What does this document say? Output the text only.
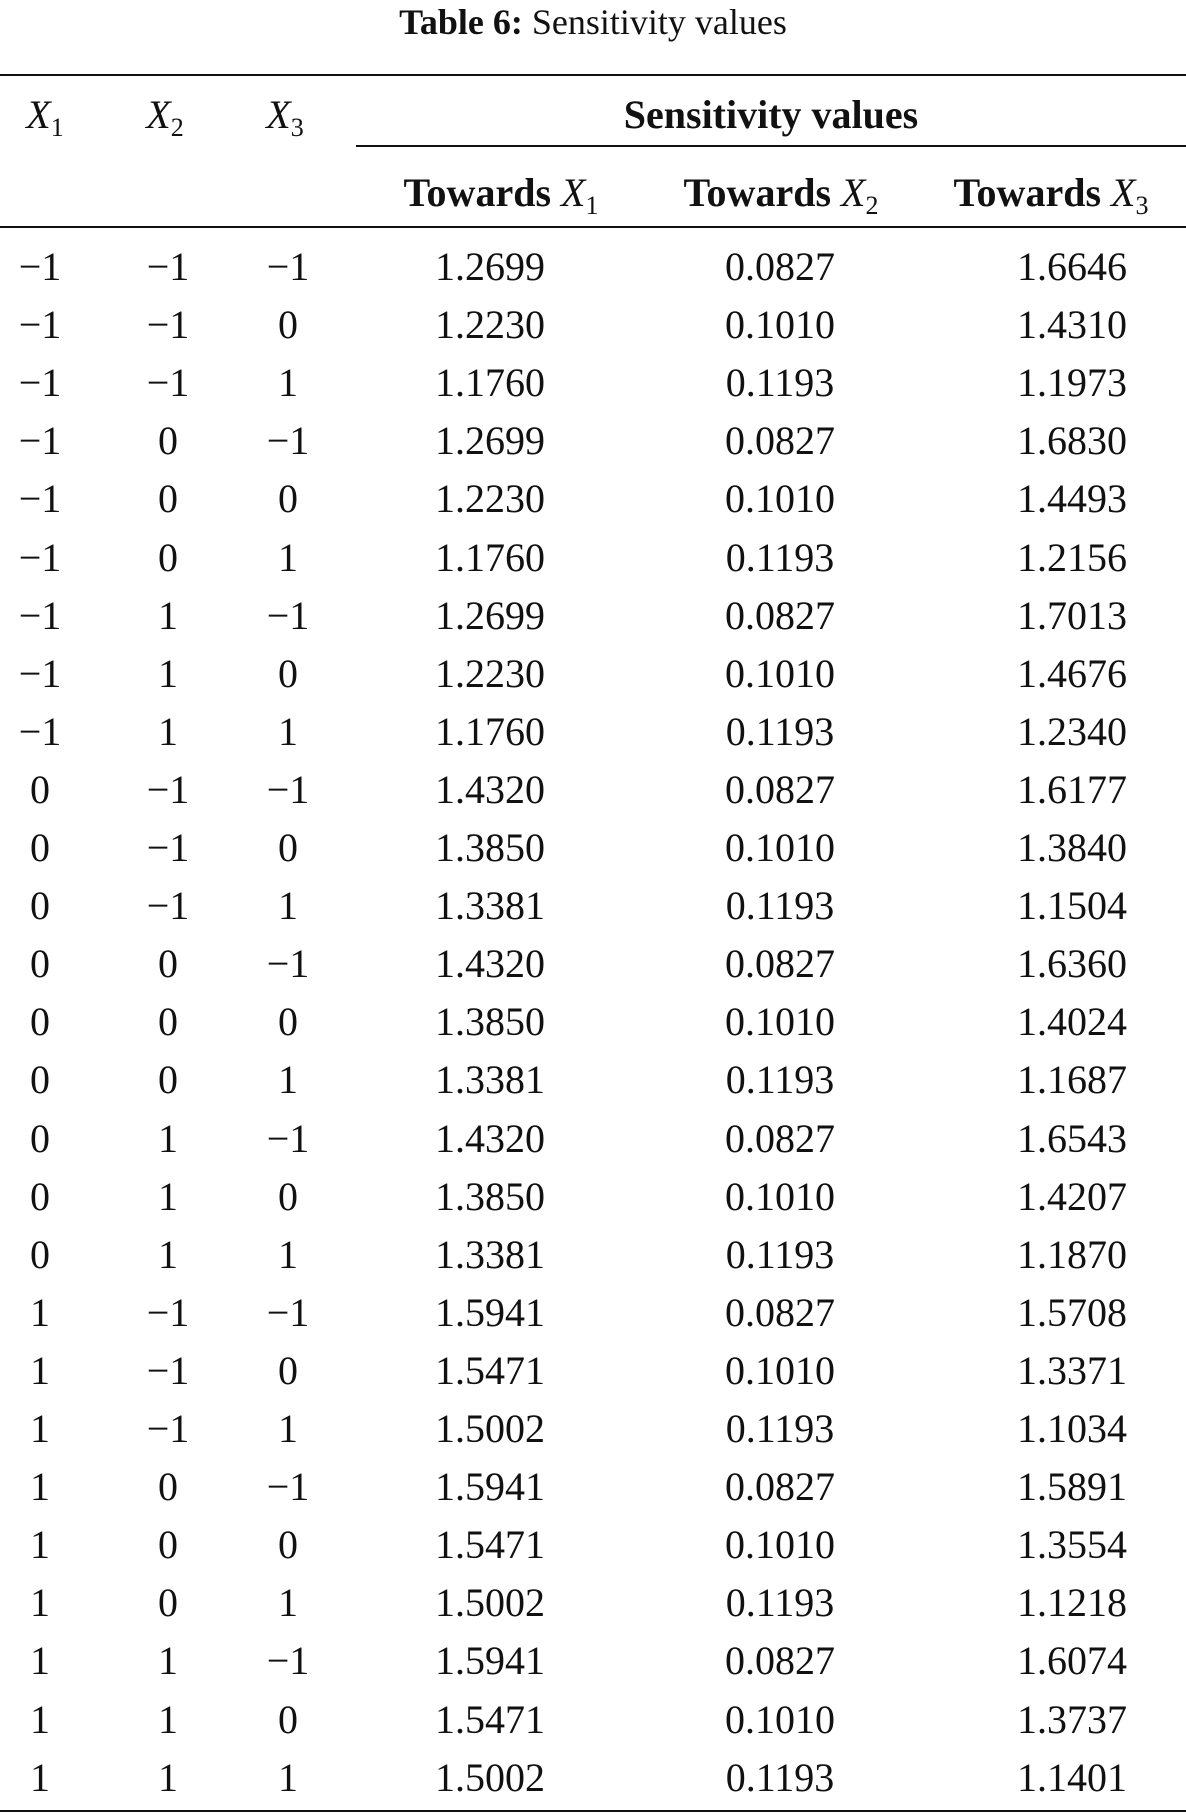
Table 6: Sensitivity values
$X_1$	$X_2$	$X_3$	Sensitivity values
Towards $X_1$	Towards $X_2$	Towards $X_3$
−1	−1	−1	1.2699	0.0827	1.6646
−1	−1	0	1.2230	0.1010	1.4310
−1	−1	1	1.1760	0.1193	1.1973
−1	0	−1	1.2699	0.0827	1.6830
−1	0	0	1.2230	0.1010	1.4493
−1	0	1	1.1760	0.1193	1.2156
−1	1	−1	1.2699	0.0827	1.7013
−1	1	0	1.2230	0.1010	1.4676
−1	1	1	1.1760	0.1193	1.2340
0	−1	−1	1.4320	0.0827	1.6177
0	−1	0	1.3850	0.1010	1.3840
0	−1	1	1.3381	0.1193	1.1504
0	0	−1	1.4320	0.0827	1.6360
0	0	0	1.3850	0.1010	1.4024
0	0	1	1.3381	0.1193	1.1687
0	1	−1	1.4320	0.0827	1.6543
0	1	0	1.3850	0.1010	1.4207
0	1	1	1.3381	0.1193	1.1870
1	−1	−1	1.5941	0.0827	1.5708
1	−1	0	1.5471	0.1010	1.3371
1	−1	1	1.5002	0.1193	1.1034
1	0	−1	1.5941	0.0827	1.5891
1	0	0	1.5471	0.1010	1.3554
1	0	1	1.5002	0.1193	1.1218
1	1	−1	1.5941	0.0827	1.6074
1	1	0	1.5471	0.1010	1.3737
1	1	1	1.5002	0.1193	1.1401
